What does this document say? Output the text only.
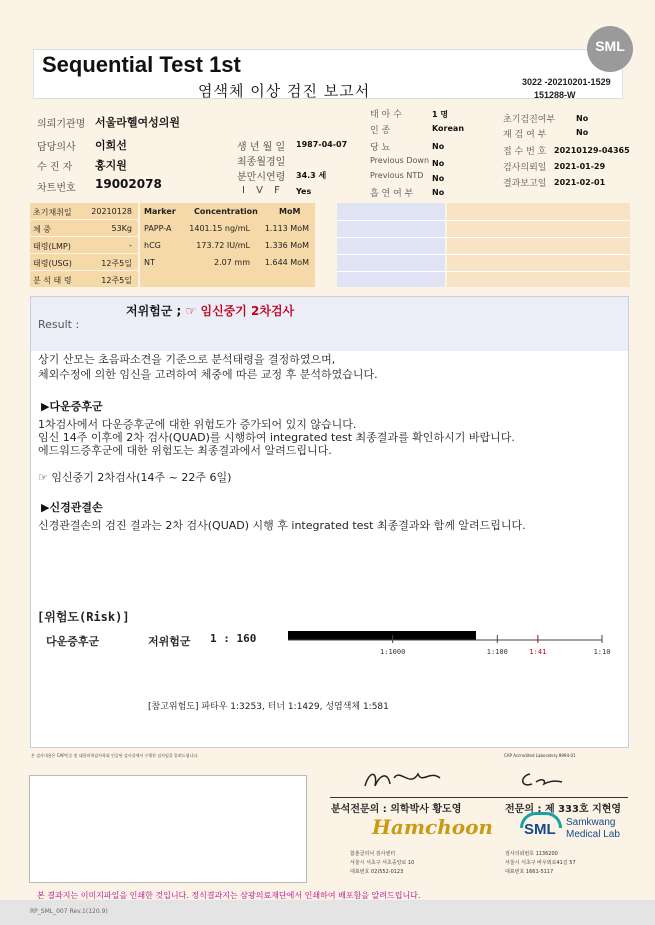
SML
Sequential Test 1st
염색체 이상 검진 보고서	3022 -20210201-1529
151288-W
의뢰기관명 서울라헬여성의원
담당의사 이희선
수 진 자 홍지원
차트번호 19002078
생 년 월 일 1987-04-07
최종월경일
분만시연령 34.3 세
I V F Yes
태 아 수	1 명
인 종	Korean
당 뇨	No
Previous Down No
Previous NTD No
흡 연 여 부 No
초기검진여부	No
재 검 여 부	No
접 수 번 호 20210129-04365
검사의뢰일 2021-01-29
결과보고일 2021-02-01
초기채취일 20210128
체 중	53Kg
태령(LMP)	-
태령(USG)	12주5일
분 석 태 령	12주5일
Marker Concentration	MoM
PAPP-A	1401.15 ng/mL	1.113 MoM
hCG	173.72 IU/mL	1.336 MoM
NT	2.07 mm	1.644 MoM
Result :
저위험군 ; ☞ 임신중기 2차검사
상기 산모는 초음파소견을 기준으로 분석태령을 결정하였으며,
체외수정에 의한 임신을 고려하여 체중에 따른 교정 후 분석하였습니다.
▶다운증후군
1차검사에서 다운증후군에 대한 위험도가 증가되어 있지 않습니다.
임신 14주 이후에 2차 검사(QUAD)를 시행하여 integrated test 최종결과를 확인하시기 바랍니다.
에드워드증후군에 대한 위험도는 최종결과에서 알려드립니다.
☞ 임신중기 2차검사(14주 ~ 22주 6일)
▶신경관결손
신경관결손의 검진 결과는 2차 검사(QUAD) 시행 후 integrated test 최종결과와 함께 알려드립니다.
[위험도(Risk)]
다운증후군	저위험군 1 : 160
1:1000	1:100	1:41	1:10
[참고위험도] 파타우 1:3253, 터너 1:1429, 성염색체 1:581
본 검사내용은 CAP인증 및 대한의학검사학회 인증된 검사실에서 수행한 검사임을 알려드립니다.	CAP Accredited Laboratory 8994-01
분석전문의 : 의학박사 황도영
Hamchoon
함춘클리닉 검사센터
서울시 서초구 서초중앙로 10
대표번호 02)552-0123
전문의 : 제 333호 지현영
SML Samkwang
Medical Lab
검사의뢰번호 1136200
서울시 서초구 바우뫼로41길 57
대표번호 1661-5117
본 결과지는 이미지파일을 인쇄한 것입니다. 정식결과지는 삼광의료재단에서 인쇄하여 배포함을 알려드립니다.
RP_SML_007 Rev.1(120.9)
